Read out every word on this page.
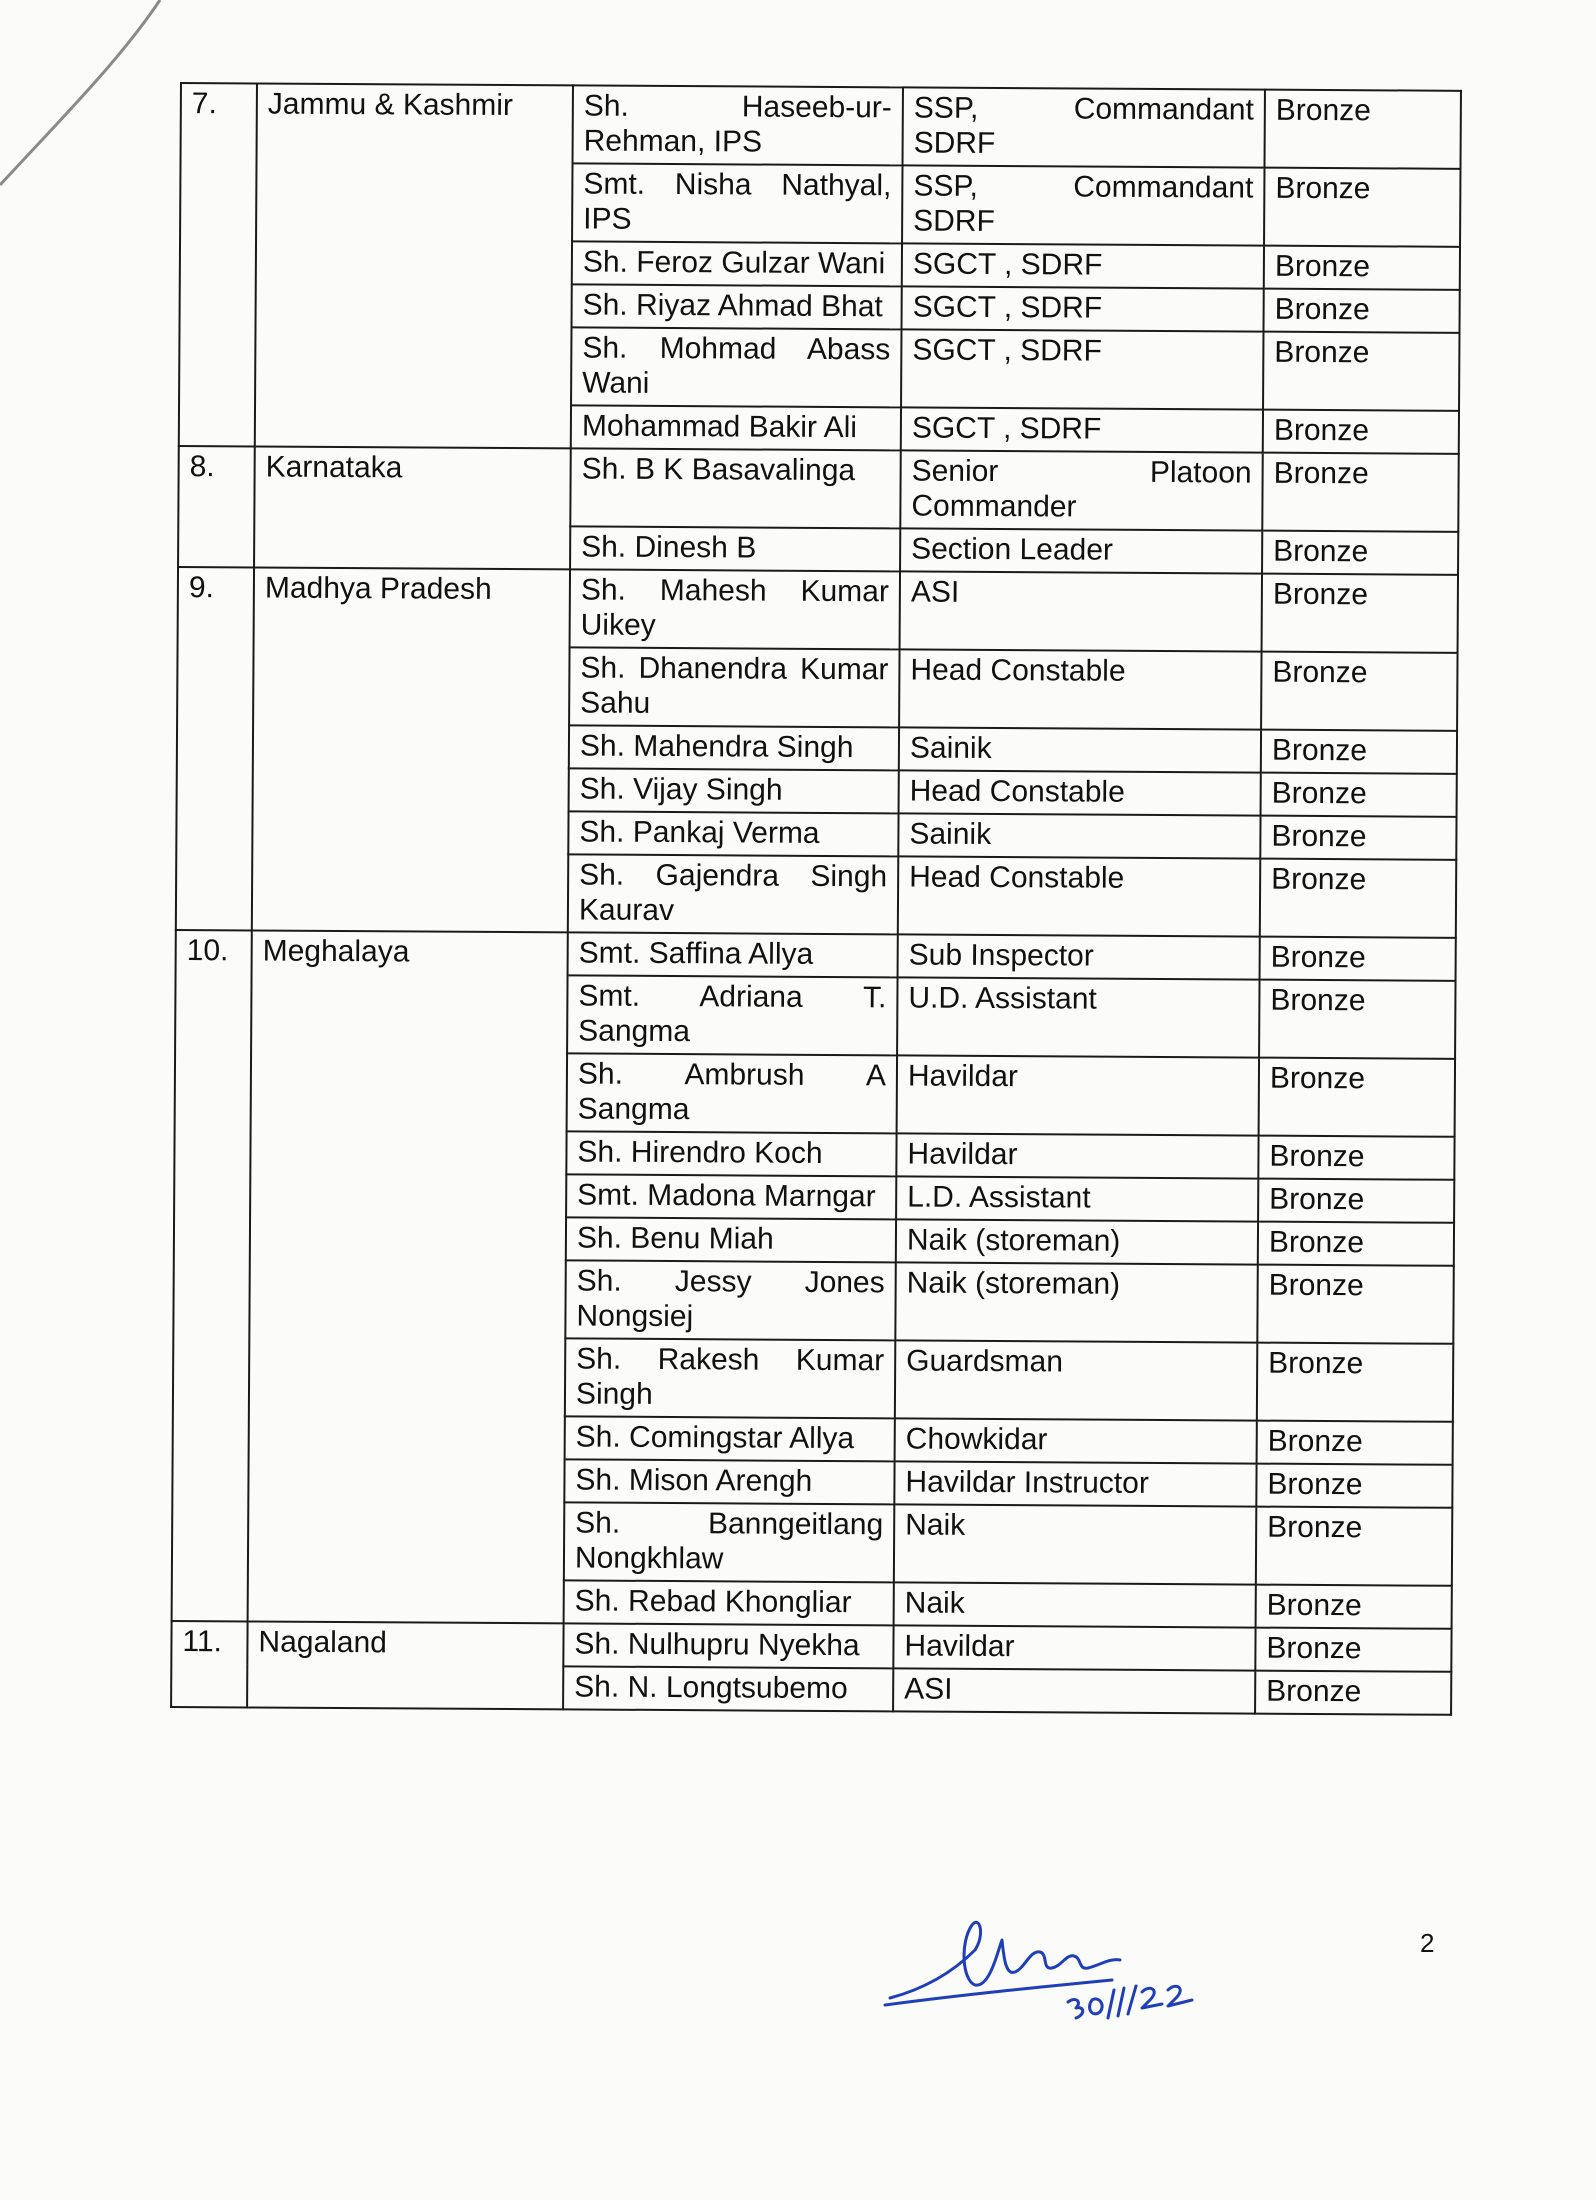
7.	Jammu & Kashmir	Sh. Haseeb-ur-Rehman, IPS	SSP, Commandant SDRF	Bronze
		Smt. Nisha Nathyal, IPS	SSP, Commandant SDRF	Bronze
		Sh. Feroz Gulzar Wani	SGCT , SDRF	Bronze
		Sh. Riyaz Ahmad Bhat	SGCT , SDRF	Bronze
		Sh. Mohmad Abass Wani	SGCT , SDRF	Bronze
		Mohammad Bakir Ali	SGCT , SDRF	Bronze
8.	Karnataka	Sh. B K Basavalinga	Senior Platoon Commander	Bronze
		Sh. Dinesh B	Section Leader	Bronze
9.	Madhya Pradesh	Sh. Mahesh Kumar Uikey	ASI	Bronze
		Sh. Dhanendra Kumar Sahu	Head Constable	Bronze
		Sh. Mahendra Singh	Sainik	Bronze
		Sh. Vijay Singh	Head Constable	Bronze
		Sh. Pankaj Verma	Sainik	Bronze
		Sh. Gajendra Singh Kaurav	Head Constable	Bronze
10.	Meghalaya	Smt. Saffina Allya	Sub Inspector	Bronze
		Smt. Adriana T. Sangma	U.D. Assistant	Bronze
		Sh. Ambrush A Sangma	Havildar	Bronze
		Sh. Hirendro Koch	Havildar	Bronze
		Smt. Madona Marngar	L.D. Assistant	Bronze
		Sh. Benu Miah	Naik (storeman)	Bronze
		Sh. Jessy Jones Nongsiej	Naik (storeman)	Bronze
		Sh. Rakesh Kumar Singh	Guardsman	Bronze
		Sh. Comingstar Allya	Chowkidar	Bronze
		Sh. Mison Arengh	Havildar Instructor	Bronze
		Sh. Banngeitlang Nongkhlaw	Naik	Bronze
		Sh. Rebad Khongliar	Naik	Bronze
11.	Nagaland	Sh. Nulhupru Nyekha	Havildar	Bronze
		Sh. N. Longtsubemo	ASI	Bronze
2
